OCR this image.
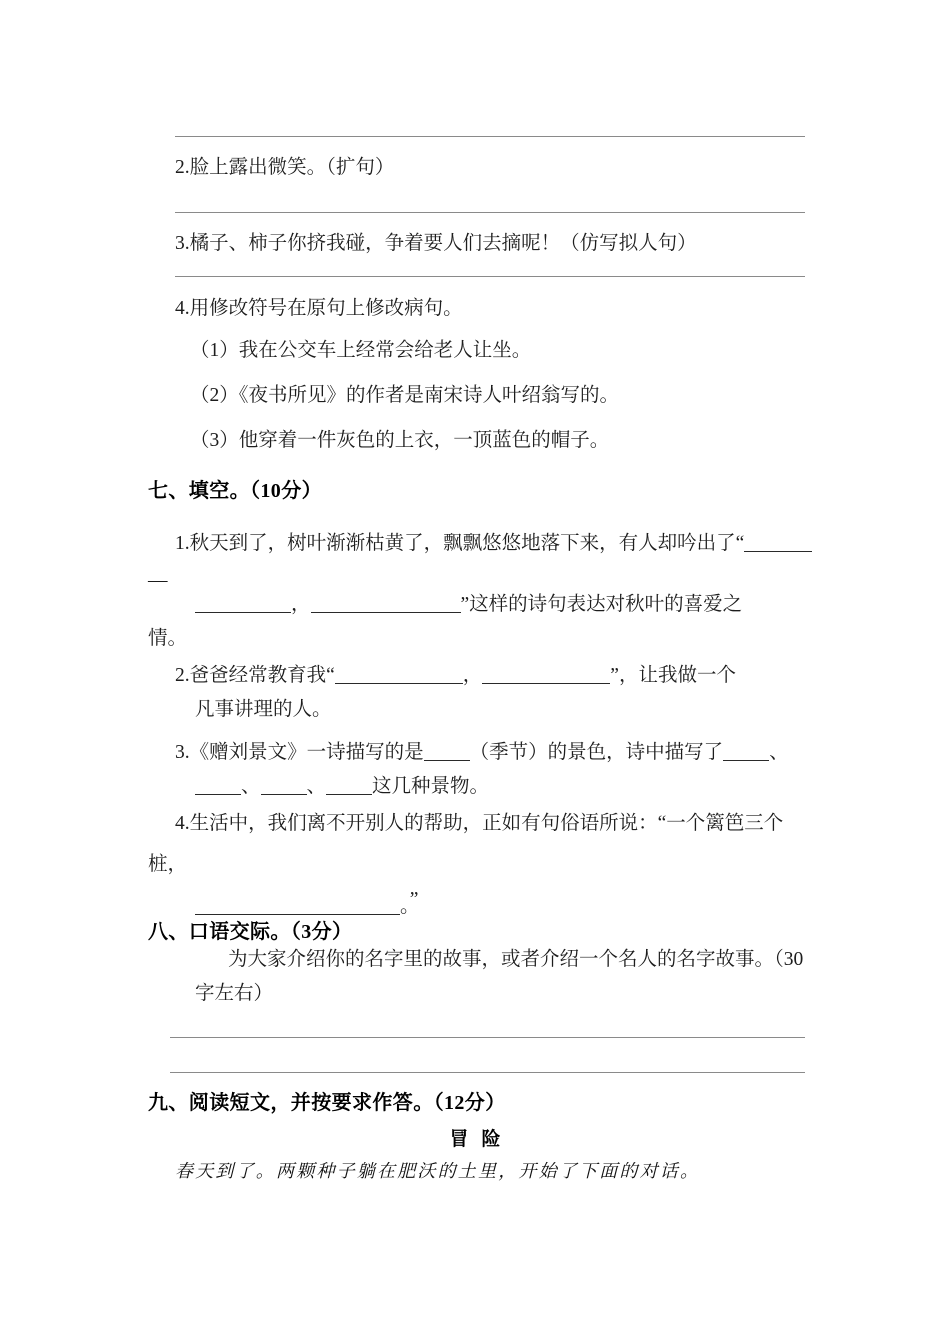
2.脸上露出微笑。（扩句）
3.橘子、柿子你挤我碰，争着要人们去摘呢！（仿写拟人句）
4.用修改符号在原句上修改病句。
（1）我在公交车上经常会给老人让坐。
（2）《夜书所见》的作者是南宋诗人叶绍翁写的。
（3）他穿着一件灰色的上衣，一顶蓝色的帽子。
七、填空。（10分）
1.秋天到了，树叶渐渐枯黄了，飘飘悠悠地落下来，有人却吟出了“
—
，	”这样的诗句表达对秋叶的喜爱之
情。
2.爸爸经常教育我“	，	”，让我做一个
凡事讲理的人。
3.《赠刘景文》一诗描写的是 （季节）的景色，诗中描写了 、
、 、 这几种景物。
4.生活中，我们离不开别人的帮助，正如有句俗语所说：“一个篱笆三个
桩，
。”
八、口语交际。（3分）
为大家介绍你的名字里的故事，或者介绍一个名人的名字故事。（30
字左右）
九、阅读短文，并按要求作答。（12分）
冒险
春天到了。两颗种子躺在肥沃的土里，开始了下面的对话。
